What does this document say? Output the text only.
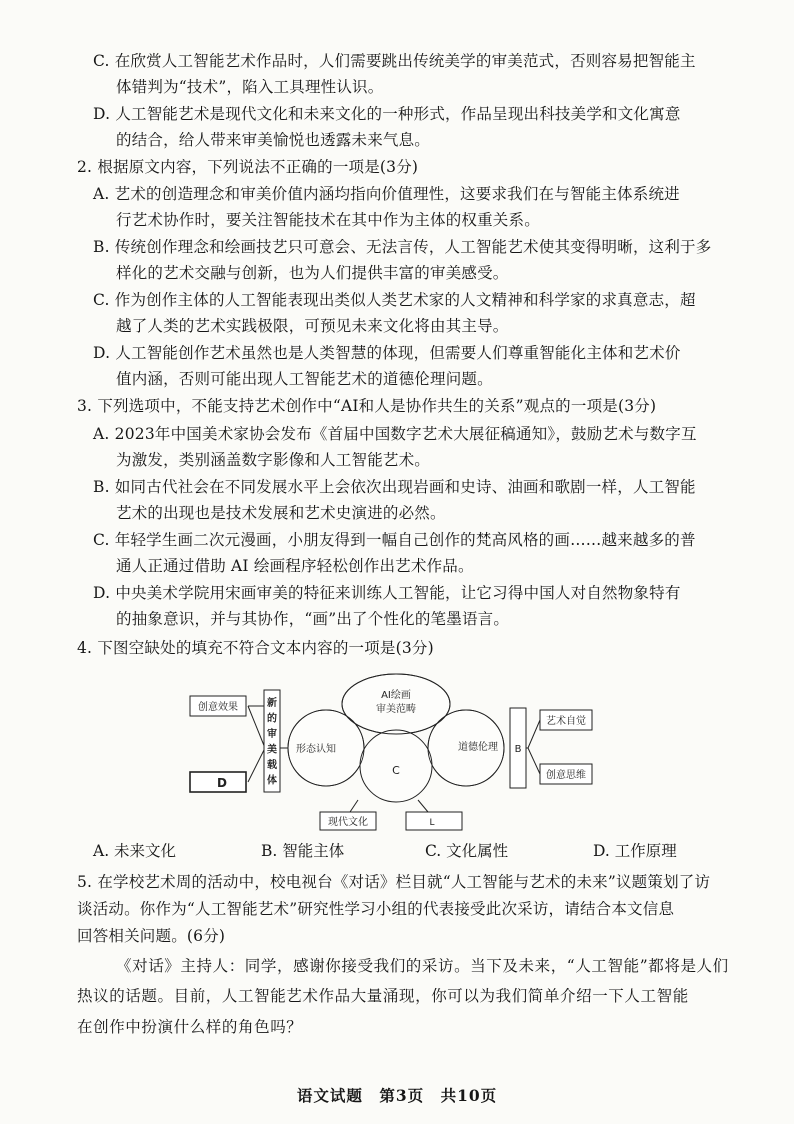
C. 在欣赏人工智能艺术作品时，人们需要跳出传统美学的审美范式，否则容易把智能主
体错判为“技术”，陷入工具理性认识。
D. 人工智能艺术是现代文化和未来文化的一种形式，作品呈现出科技美学和文化寓意
的结合，给人带来审美愉悦也透露未来气息。
2. 根据原文内容，下列说法不正确的一项是(3分)
A. 艺术的创造理念和审美价值内涵均指向价值理性，这要求我们在与智能主体系统进
行艺术协作时，要关注智能技术在其中作为主体的权重关系。
B. 传统创作理念和绘画技艺只可意会、无法言传，人工智能艺术使其变得明晰，这利于多
样化的艺术交融与创新，也为人们提供丰富的审美感受。
C. 作为创作主体的人工智能表现出类似人类艺术家的人文精神和科学家的求真意志，超
越了人类的艺术实践极限，可预见未来文化将由其主导。
D. 人工智能创作艺术虽然也是人类智慧的体现，但需要人们尊重智能化主体和艺术价
值内涵，否则可能出现人工智能艺术的道德伦理问题。
3. 下列选项中，不能支持艺术创作中“AI和人是协作共生的关系”观点的一项是(3分)
A. 2023年中国美术家协会发布《首届中国数字艺术大展征稿通知》，鼓励艺术与数字互
为激发，类别涵盖数字影像和人工智能艺术。
B. 如同古代社会在不同发展水平上会依次出现岩画和史诗、油画和歌剧一样，人工智能
艺术的出现也是技术发展和艺术史演进的必然。
C. 年轻学生画二次元漫画，小朋友得到一幅自己创作的梵高风格的画……越来越多的普
通人正通过借助 AI 绘画程序轻松创作出艺术作品。
D. 中央美术学院用宋画审美的特征来训练人工智能，让它习得中国人对自然物象特有
的抽象意识，并与其协作，“画”出了个性化的笔墨语言。
4. 下图空缺处的填充不符合文本内容的一项是(3分)
创意效果
D
新
的
审
美
载
体
AI绘画
审美范畴
形态认知	道德伦理
C
B
艺术自觉
创意思维
现代文化	L
A. 未来文化	B. 智能主体	C. 文化属性	D. 工作原理
5. 在学校艺术周的活动中，校电视台《对话》栏目就“人工智能与艺术的未来”议题策划了访
谈活动。你作为“人工智能艺术”研究性学习小组的代表接受此次采访，请结合本文信息
回答相关问题。(6分)
《对话》主持人：同学，感谢你接受我们的采访。当下及未来，“人工智能”都将是人们
热议的话题。目前，人工智能艺术作品大量涌现，你可以为我们简单介绍一下人工智能
在创作中扮演什么样的角色吗？
语文试题　第3页　共10页
